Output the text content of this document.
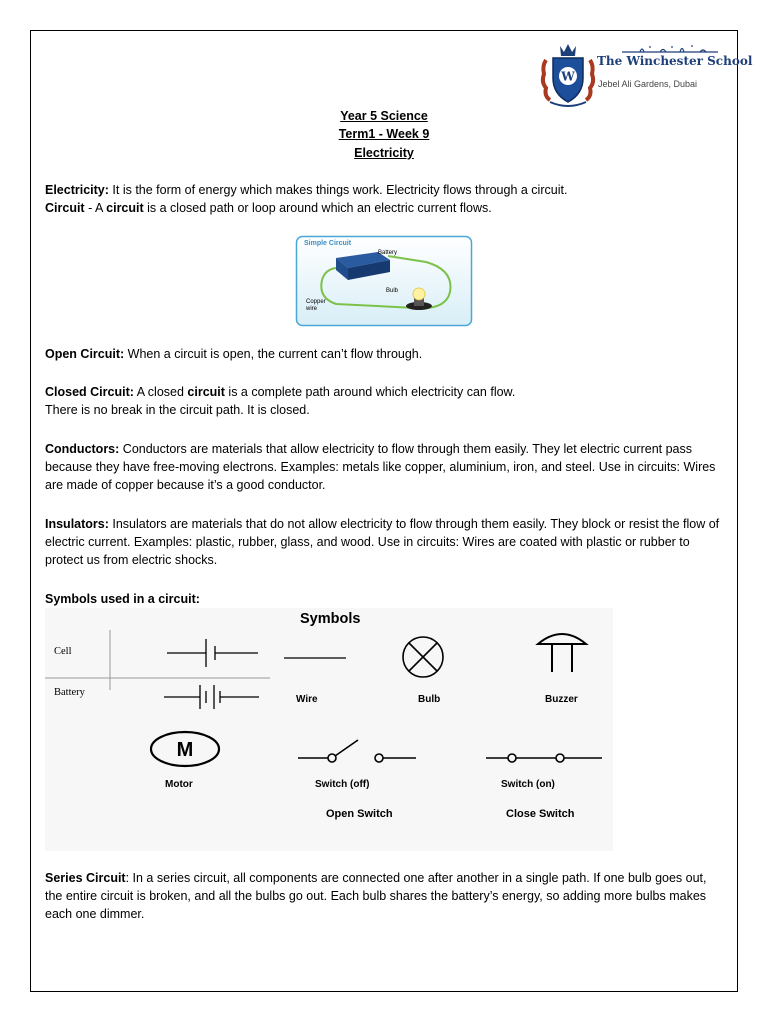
W
The Winchester School
Jebel Ali Gardens, Dubai
Year 5 Science
Term1 - Week 9
Electricity
Electricity: It is the form of energy which makes things work. Electricity flows through a circuit.
Circuit - A circuit is a closed path or loop around which an electric current flows.
Simple Circuit
Battery
Bulb
Copper
wire
Open Circuit: When a circuit is open, the current can’t flow through.
Closed Circuit: A closed circuit is a complete path around which electricity can flow.
There is no break in the circuit path. It is closed.
Conductors: Conductors are materials that allow electricity to flow through them easily. They let electric current pass because they have free-moving electrons. Examples: metals like copper, aluminium, iron, and steel. Use in circuits: Wires are made of copper because it’s a good conductor.
Insulators: Insulators are materials that do not allow electricity to flow through them easily. They block or resist the flow of electric current. Examples: plastic, rubber, glass, and wood. Use in circuits: Wires are coated with plastic or rubber to protect us from electric shocks.
Symbols used in a circuit:
Symbols
Cell
Battery
Wire	Bulb	Buzzer
M
Motor	Switch (off)	Switch (on)
Open Switch	Close Switch
Series Circuit: In a series circuit, all components are connected one after another in a single path. If one bulb goes out, the entire circuit is broken, and all the bulbs go out. Each bulb shares the battery’s energy, so adding more bulbs makes each one dimmer.
